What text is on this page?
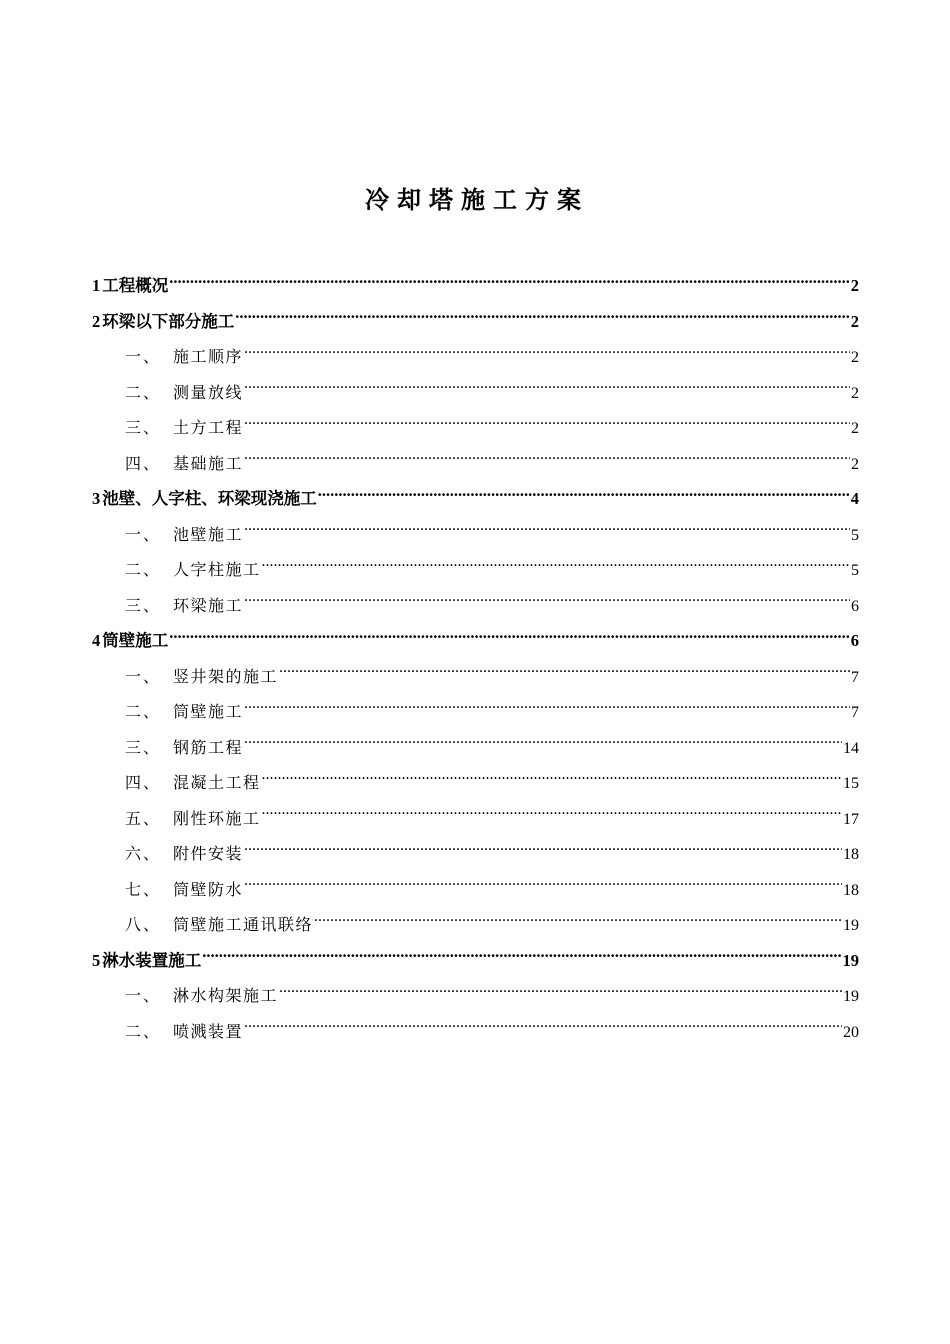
冷却塔施工方案
1 工程概况 .....	2
2 环梁以下部分施工 .....	2
一、 施工顺序 .....	2
二、 测量放线 .....	2
三、 土方工程 .....	2
四、 基础施工 .....	2
3 池壁、人字柱、环梁现浇施工 .....	4
一、 池壁施工 .....	5
二、 人字柱施工 .....	5
三、 环梁施工 .....	6
4 筒壁施工 .....	6
一、 竖井架的施工 .....	7
二、 筒壁施工 .....	7
三、 钢筋工程 .....	14
四、 混凝土工程 .....	15
五、 刚性环施工 .....	17
六、 附件安装 .....	18
七、 筒壁防水 .....	18
八、 筒壁施工通讯联络 .....	19
5 淋水装置施工 .....	19
一、 淋水构架施工 .....	19
二、 喷溅装置 .....	20
